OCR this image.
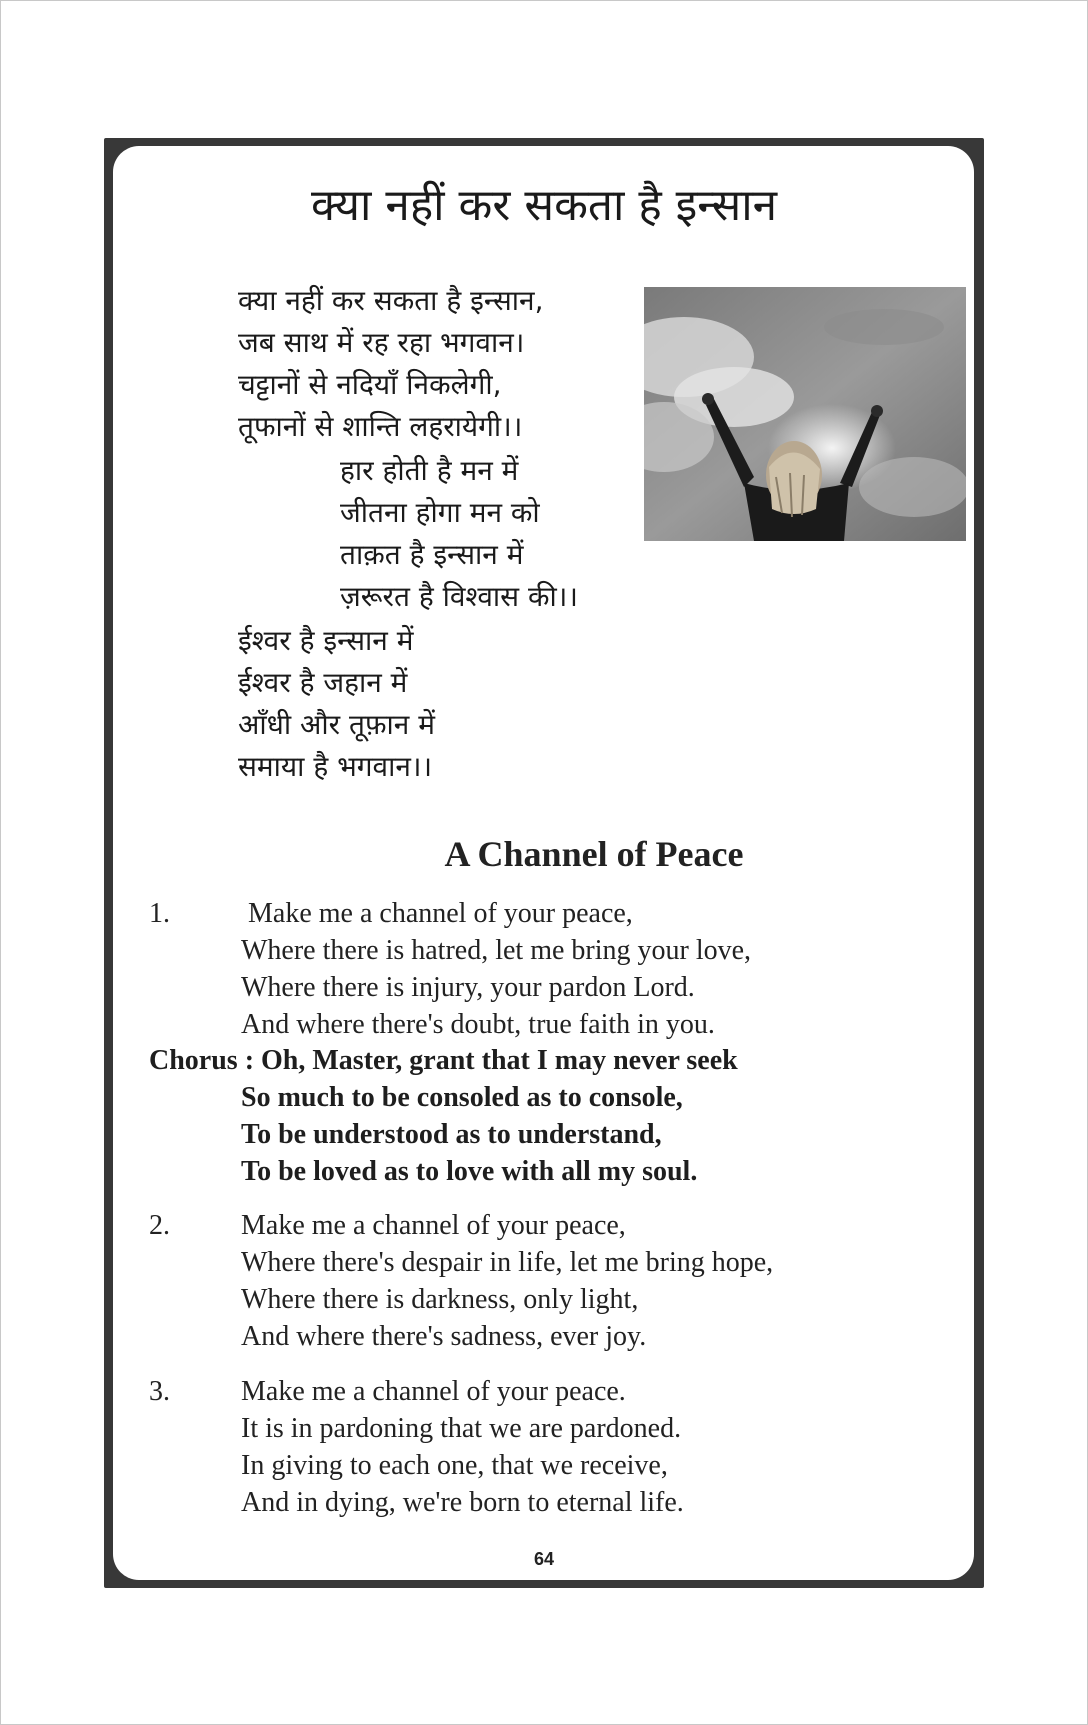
क्या नहीं कर सकता है इन्सान

क्या नहीं कर सकता है इन्सान,

जब साथ में रह रहा भगवान।

चट्टानों से नदियाँ निकलेगी,

तूफानों से शान्ति लहरायेगी।।

हार होती है मन में

जीतना होगा मन को

ताक़त है इन्सान में

ज़रूरत है विश्वास की।।

ईश्वर है इन्सान में

ईश्वर है जहान में

आँधी और तूफ़ान में

समाया है भगवान।।

A Channel of Peace

1.	Make me a channel of your peace,

Where there is hatred, let me bring your love,

Where there is injury, your pardon Lord.

And where there's doubt, true faith in you.

Chorus : Oh, Master, grant that I may never seek

So much to be consoled as to console,

To be understood as to understand,

To be loved as to love with all my soul.

2.	Make me a channel of your peace,

Where there's despair in life, let me bring hope,

Where there is darkness, only light,

And where there's sadness, ever joy.

3.	Make me a channel of your peace.

It is in pardoning that we are pardoned.

In giving to each one, that we receive,

And in dying, we're born to eternal life.

64
